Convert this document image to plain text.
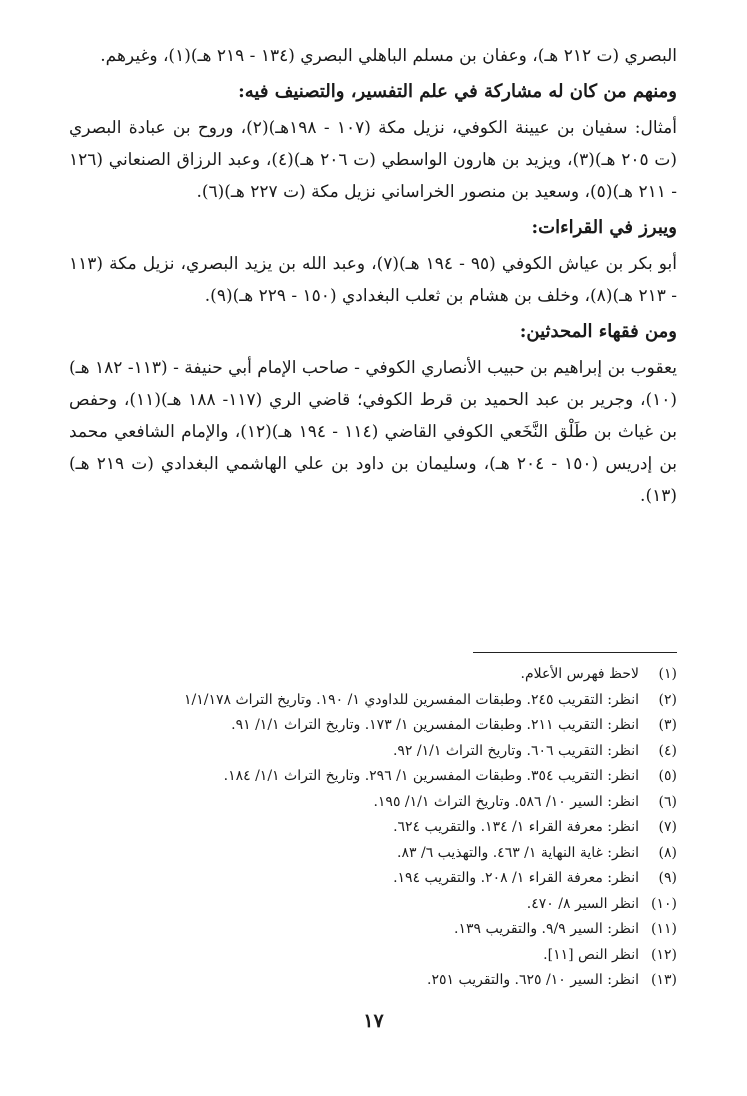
البصري (ت ٢١٢ هـ)، وعفان بن مسلم الباهلي البصري (١٣٤ - ٢١٩ هـ)(١)، وغيرهم.

ومنهم من كان له مشاركة في علم التفسير، والتصنيف فيه:

أمثال: سفيان بن عيينة الكوفي، نزيل مكة (١٠٧ - ١٩٨هـ)(٢)، وروح بن عبادة البصري (ت ٢٠٥ هـ)(٣)، ويزيد بن هارون الواسطي (ت ٢٠٦ هـ)(٤)، وعبد الرزاق الصنعاني (١٢٦ - ٢١١ هـ)(٥)، وسعيد بن منصور الخراساني نزيل مكة (ت ٢٢٧ هـ)(٦).

ويبرز في القراءات:

أبو بكر بن عياش الكوفي (٩٥ - ١٩٤ هـ)(٧)، وعبد الله بن يزيد البصري، نزيل مكة (١١٣ - ٢١٣ هـ)(٨)، وخلف بن هشام بن ثعلب البغدادي (١٥٠ - ٢٢٩ هـ)(٩).

ومن فقهاء المحدثين:

يعقوب بن إبراهيم بن حبيب الأنصاري الكوفي - صاحب الإمام أبي حنيفة - (١١٣- ١٨٢ هـ)(١٠)، وجرير بن عبد الحميد بن قرط الكوفي؛ قاضي الري (١١٧- ١٨٨ هـ)(١١)، وحفص بن غياث بن طَلْق النَّخَعي الكوفي القاضي (١١٤ - ١٩٤ هـ)(١٢)، والإمام الشافعي محمد بن إدريس (١٥٠ - ٢٠٤ هـ)، وسليمان بن داود بن علي الهاشمي البغدادي (ت ٢١٩ هـ)(١٣).

(١)
لاحظ فهرس الأعلام.
(٢)
انظر: التقريب ٢٤٥. وطبقات المفسرين للداودي ١/ ١٩٠. وتاريخ التراث ١/١/١٧٨
(٣)
انظر: التقريب ٢١١. وطبقات المفسرين ١/ ١٧٣. وتاريخ التراث ١/١/ ٩١.
(٤)
انظر: التقريب ٦٠٦. وتاريخ التراث ١/١/ ٩٢.
(٥)
انظر: التقريب ٣٥٤. وطبقات المفسرين ١/ ٢٩٦. وتاريخ التراث ١/١/ ١٨٤.
(٦)
انظر: السير ١٠/ ٥٨٦. وتاريخ التراث ١/١/ ١٩٥.
(٧)
انظر: معرفة القراء ١/ ١٣٤. والتقريب ٦٢٤.
(٨)
انظر: غاية النهاية ١/ ٤٦٣. والتهذيب ٦/ ٨٣.
(٩)
انظر: معرفة القراء ١/ ٢٠٨. والتقريب ١٩٤.
(١٠)
انظر السير ٨/ ٤٧٠.
(١١)
انظر: السير ٩/٩. والتقريب ١٣٩.
(١٢)
انظر النص [١١].
(١٣)
انظر: السير ١٠/ ٦٢٥. والتقريب ٢٥١.
١٧
